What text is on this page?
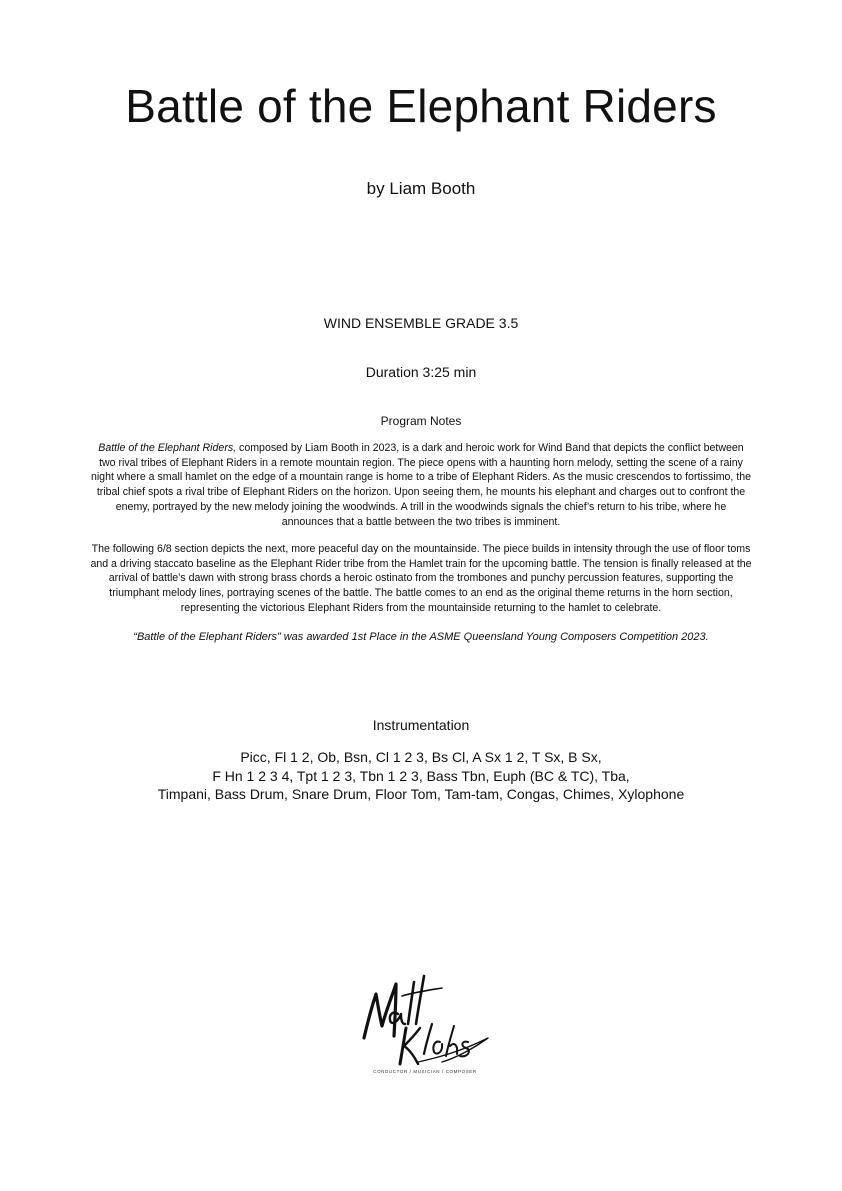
Battle of the Elephant Riders

by Liam Booth

WIND ENSEMBLE GRADE 3.5

Duration 3:25 min

Program Notes

Battle of the Elephant Riders, composed by Liam Booth in 2023, is a dark and heroic work for Wind Band that depicts the conflict between two rival tribes of Elephant Riders in a remote mountain region. The piece opens with a haunting horn melody, setting the scene of a rainy night where a small hamlet on the edge of a mountain range is home to a tribe of Elephant Riders. As the music crescendos to fortissimo, the tribal chief spots a rival tribe of Elephant Riders on the horizon. Upon seeing them, he mounts his elephant and charges out to confront the enemy, portrayed by the new melody joining the woodwinds. A trill in the woodwinds signals the chief’s return to his tribe, where he announces that a battle between the two tribes is imminent.

The following 6/8 section depicts the next, more peaceful day on the mountainside. The piece builds in intensity through the use of floor toms and a driving staccato baseline as the Elephant Rider tribe from the Hamlet train for the upcoming battle. The tension is finally released at the arrival of battle’s dawn with strong brass chords a heroic ostinato from the trombones and punchy percussion features, supporting the triumphant melody lines, portraying scenes of the battle. The battle comes to an end as the original theme returns in the horn section, representing the victorious Elephant Riders from the mountainside returning to the hamlet to celebrate.

“Battle of the Elephant Riders” was awarded 1st Place in the ASME Queensland Young Composers Competition 2023.

Instrumentation

Picc, Fl 1 2, Ob, Bsn, Cl 1 2 3, Bs Cl, A Sx 1 2, T Sx, B Sx,
F Hn 1 2 3 4, Tpt 1 2 3, Tbn 1 2 3, Bass Tbn, Euph (BC & TC), Tba,
Timpani, Bass Drum, Snare Drum, Floor Tom, Tam-tam, Congas, Chimes, Xylophone

CONDUCTOR / MUSICIAN / COMPOSER
